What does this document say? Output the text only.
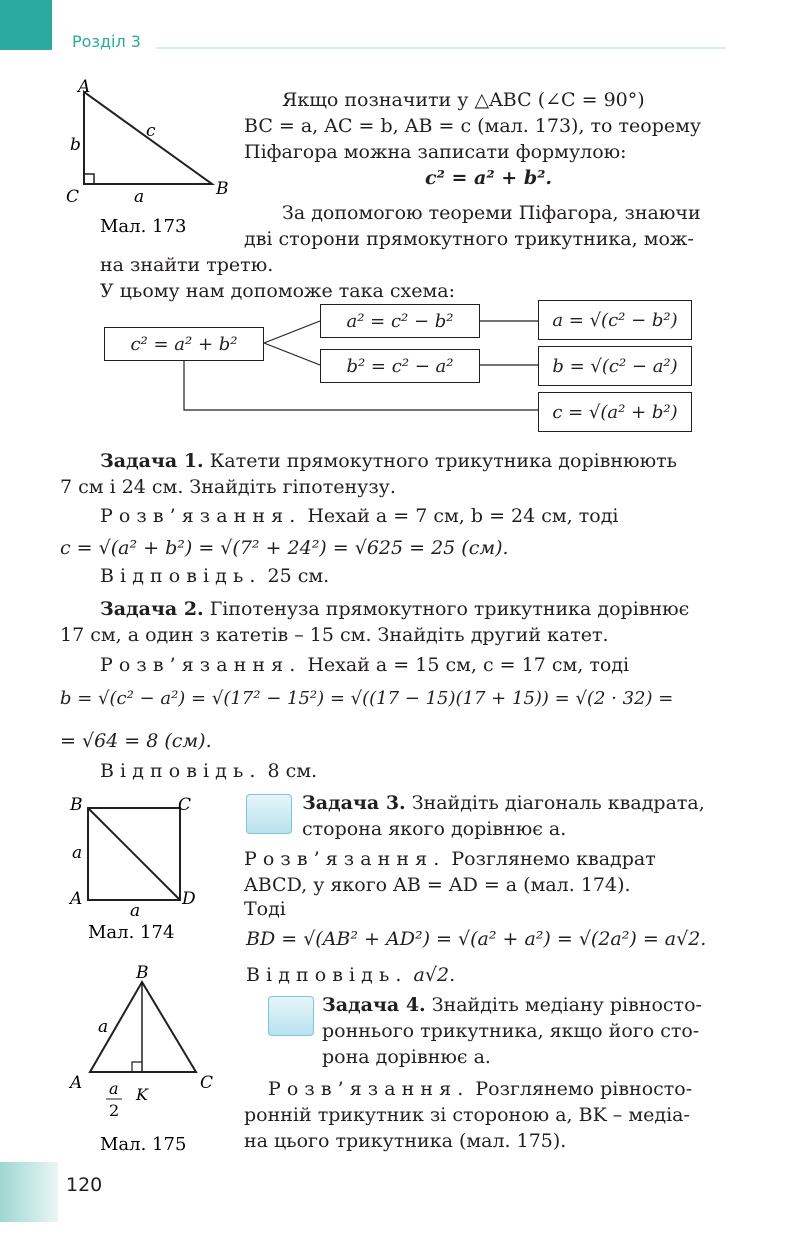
Розділ 3
A
B
C	a
b
c
Мал. 173
Якщо позначити у △ABC (∠C = 90°)
BC = a, AC = b, AB = c (мал. 173), то теорему
Піфагора можна записати формулою:
c² = a² + b².
За допомогою теореми Піфагора, знаючи
дві сторони прямокутного трикутника, мож-
на знайти третю.
У цьому нам допоможе така схема:
c² = a² + b²
a² = c² − b²
b² = c² − a²
a = √(c² − b²)
b = √(c² − a²)
c = √(a² + b²)
Задача 1. Катети прямокутного трикутника дорівнюють
7 см і 24 см. Знайдіть гіпотенузу.
Розв’язання. Нехай a = 7 см, b = 24 см, тоді
c = √(a² + b²) = √(7² + 24²) = √625 = 25 (см).
Відповідь. 25 см.
Задача 2. Гіпотенуза прямокутного трикутника дорівнює
17 см, а один з катетів – 15 см. Знайдіть другий катет.
Розв’язання. Нехай a = 15 см, c = 17 см, тоді
b = √(c² − a²) = √(17² − 15²) = √((17 − 15)(17 + 15)) = √(2 · 32) =
= √64 = 8 (см).
Відповідь. 8 см.
B	C
A	D
a
a
Мал. 174
Задача 3. Знайдіть діагональ квадрата,
сторона якого дорівнює a.
Розв’язання. Розглянемо квадрат
ABCD, у якого AB = AD = a (мал. 174).
Тоді
BD = √(AB² + AD²) = √(a² + a²) = √(2a²) = a√2.
Відповідь. a√2.
B
A	C
K
a
a
2
Мал. 175
Задача 4. Знайдіть медіану рівносто-
роннього трикутника, якщо його сто-
рона дорівнює a.
Розв’язання. Розглянемо рівносто-
ронній трикутник зі стороною a, BK – медіа-
на цього трикутника (мал. 175).
120
